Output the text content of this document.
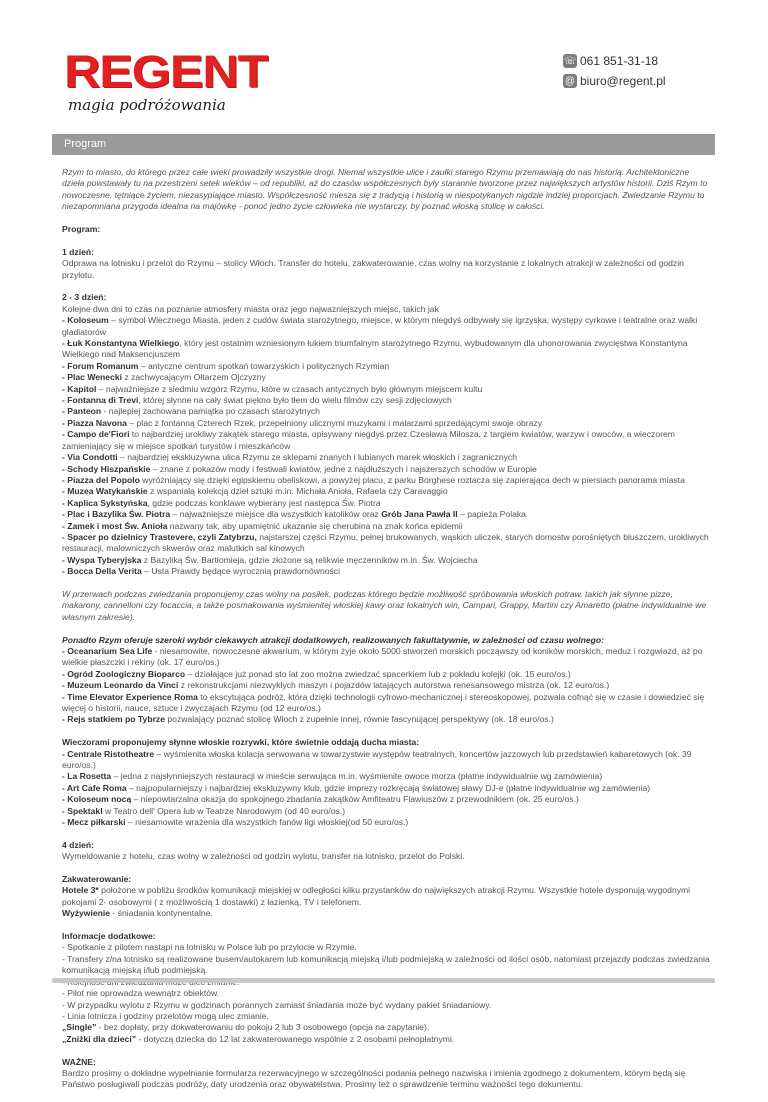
REGENT
magia podróżowania
☏ 061 851-31-18
@ biuro@regent.pl
Program

Rzym to miasto, do którego przez całe wieki prowadziły wszystkie drogi. Niemal wszystkie ulice i zaułki starego Rzymu przemawiają do nas historią. Architektoniczne dzieła powstawały tu na przestrzeni setek wieków – od republiki, aż do czasów współczesnych były starannie tworzone przez największych artystów historii. Dziś Rzym to nowoczesne, tętniące życiem, niezasypiające miasto. Współczesność miesza się z tradycją i historią w niespotykanych nigdzie indziej proporcjach. Zwiedzanie Rzymu to niezapomniana przygoda idealna na majówkę - ponoć jedno życie człowieka nie wystarczy, by poznać włoską stolicę w całości.

Program:

1 dzień:
Odprawa na lotnisku i przelot do Rzymu – stolicy Włoch. Transfer do hotelu, zakwaterowanie, czas wolny na korzystanie z lokalnych atrakcji w zależności od godzin przylotu.

2 - 3 dzień:
Kolejne dwa dni to czas na poznanie atmosfery miasta oraz jego najważniejszych miejsc, takich jak
- Koloseum – symbol Wiecznego Miasta, jeden z cudów świata starożytnego, miejsce, w którym niegdyś odbywały się igrzyska, występy cyrkowe i teatralne oraz walki gladiatorów
- Łuk Konstantyna Wielkiego, który jest ostatnim wzniesionym łukiem triumfalnym starożytnego Rzymu, wybudowanym dla uhonorowania zwycięstwa Konstantyna Wielkiego nad Maksencjuszem
- Forum Romanum – antyczne centrum spotkań towarzyskich i politycznych Rzymian
- Plac Wenecki z zachwycającym Ołtarzem Ojczyzny
- Kapitol – najważniejsze z siedmiu wzgórz Rzymu, które w czasach antycznych było głównym miejscem kultu
- Fontanna di Trevi, której słynne na cały świat piękno było tłem do wielu filmów czy sesji zdjęciowych
- Panteon - najlepiej zachowana pamiątka po czasach starożytnych
- Piazza Navona – plac z fontanną Czterech Rzek, przepełniony ulicznymi muzykami i malarzami sprzedającymi swoje obrazy
- Campo de'Fiori to najbardziej urokliwy zakątek starego miasta, opisywany niegdyś przez Czesława Miłosza, z targiem kwiatów, warzyw i owoców, a wieczorem zamieniający się w miejsce spotkań turystów i mieszkańców
- Via Condotti – najbardziej ekskluzywna ulica Rzymu ze sklepami znanych i lubianych marek włoskich i zagranicznych
- Schody Hiszpańskie – znane z pokazów mody i festiwali kwiatów, jedne z najdłuższych i najszerszych schodów w Europie
- Piazza del Popolo wyróżniający się dzięki egipskiemu obeliskowi, a powyżej placu, z parku Borghese roztacza się zapierająca dech w piersiach panorama miasta
- Muzea Watykańskie z wspaniałą kolekcją dzieł sztuki m.in. Michała Anioła, Rafaela czy Caravaggio
- Kaplica Sykstyńska, gdzie podczas konklawe wybierany jest następca Św. Piotra
- Plac i Bazylika Św. Piotra – najważniejsze miejsce dla wszystkich katolików oraz Grób Jana Pawła II – papieża Polaka
- Zamek i most Św. Anioła nazwany tak, aby upamiętnić ukazanie się cherubina na znak końca epidemii
- Spacer po dzielnicy Trastevere, czyli Zatybrzu, najstarszej części Rzymu, pełnej brukowanych, wąskich uliczek, starych domostw porośniętych bluszczem, urokliwych restauracji, malowniczych skwerów oraz malutkich sal kinowych
- Wyspa Tyberyjska z Bazyliką Św. Bartłomieja, gdzie złożone są relikwie męczenników m.in. Św. Wojciecha
- Bocca Della Verita – Usta Prawdy będące wyrocznią prawdomówności

W przerwach podczas zwiedzania proponujemy czas wolny na posiłek, podczas którego będzie możliwość spróbowania włoskich potraw, takich jak słynne pizze, makarony, cannelloni czy focaccia, a także posmakowania wyśmienitej włoskiej kawy oraz lokalnych win, Campari, Grappy, Martini czy Amaretto (płatne indywidualnie we własnym zakresie).

Ponadto Rzym oferuje szeroki wybór ciekawych atrakcji dodatkowych, realizowanych fakultatywnie, w zależności od czasu wolnego:
- Oceanarium Sea Life - niesamowite, nowoczesne akwarium, w którym żyje około 5000 stworzeń morskich począwszy od koników morskich, meduz i rozgwiazd, aż po wielkie płaszczki i rekiny (ok. 17 euro/os.)
- Ogród Zoologiczny Bioparco – działające już ponad sto lat zoo można zwiedzać spacerkiem lub z pokładu kolejki (ok. 15 euro/os.)
- Muzeum Leonardo da Vinci z rekonstrukcjami niezwykłych maszyn i pojazdów latających autorstwa renesansowego mistrza (ok. 12 euro/os.)
- Time Elevator Experience Roma to ekscytująca podróż, która dzięki technologii cyfrowo-mechanicznej i stereoskopowej, pozwala cofnąć się w czasie i dowiedzieć się więcej o historii, nauce, sztuce i zwyczajach Rzymu (od 12 euro/os.)
- Rejs statkiem po Tybrze pozwalający poznać stolicę Włoch z zupełnie innej, równie fascynującej perspektywy (ok. 18 euro/os.)

Wieczorami proponujemy słynne włoskie rozrywki, które świetnie oddają ducha miasta:
- Centrale Ristotheatre – wyśmienita włoska kolacja serwowana w towarzystwie występów teatralnych, koncertów jazzowych lub przedstawień kabaretowych (ok. 39 euro/os.)
- La Rosetta – jedna z najsłynniejszych restauracji w mieście serwująca m.in. wyśmienite owoce morza (płatne indywidualnie wg zamówienia)
- Art Cafe Roma – najpopularniejszy i najbardziej ekskluzywny klub, gdzie imprezy rozkręcają światowej sławy DJ-e (płatne indywidualnie wg zamówienia)
- Koloseum nocą – niepowtarzalna okazja do spokojnego zbadania zakątków Amfiteatru Flawiuszów z przewodnikiem (ok. 25 euro/os.)
- Spektakl w Teatro dell' Opera lub w Teatrze Narodowym (od 40 euro/os.)
- Mecz piłkarski – niesamowite wrażenia dla wszystkich fanów ligi włoskiej(od 50 euro/os.)

4 dzień:
Wymeldowanie z hotelu, czas wolny w zależności od godzin wylotu, transfer na lotnisko, przelot do Polski.

Zakwaterowanie:
Hotele 3* położone w pobliżu środków komunikacji miejskiej w odległości kilku przystanków do największych atrakcji Rzymu. Wszystkie hotele dysponują wygodnymi pokojami 2- osobowymi ( z możliwością 1 dostawki) z łazienką, TV i telefonem.
Wyżywienie - śniadania kontynentalne.

Informacje dodatkowe:
- Spotkanie z pilotem nastąpi na lotnisku w Polsce lub po przylocie w Rzymie.
- Transfery z/na lotnisko są realizowane busem/autokarem lub komunikacją miejską i/lub podmiejską w zależności od ilości osób, natomiast przejazdy podczas zwiedzania komunikacją miejską i/lub podmiejską.
- Pilot nie oprowadza wewnątrz obiektów.
- W przypadku wylotu z Rzymu w godzinach porannych zamiast śniadania może być wydany pakiet śniadaniowy.
- Linia lotnicza i godziny przelotów mogą ulec zmianie.
„Single” - bez dopłaty, przy dokwaterowaniu do pokoju 2 lub 3 osobowego (opcja na zapytanie).
„Zniżki dla dzieci” - dotyczą dziecka do 12 lat zakwaterowanego wspólnie z 2 osobami pełnopłatnymi.

WAŻNE:
Bardzo prosimy o dokładne wypełnianie formularza rezerwacyjnego w szczególności podania pełnego nazwiska i imienia zgodnego z dokumentem, którym będą się Państwo posługiwali podczas podróży, daty urodzenia oraz obywatelstwa. Prosimy też o sprawdzenie terminu ważności tego dokumentu.
